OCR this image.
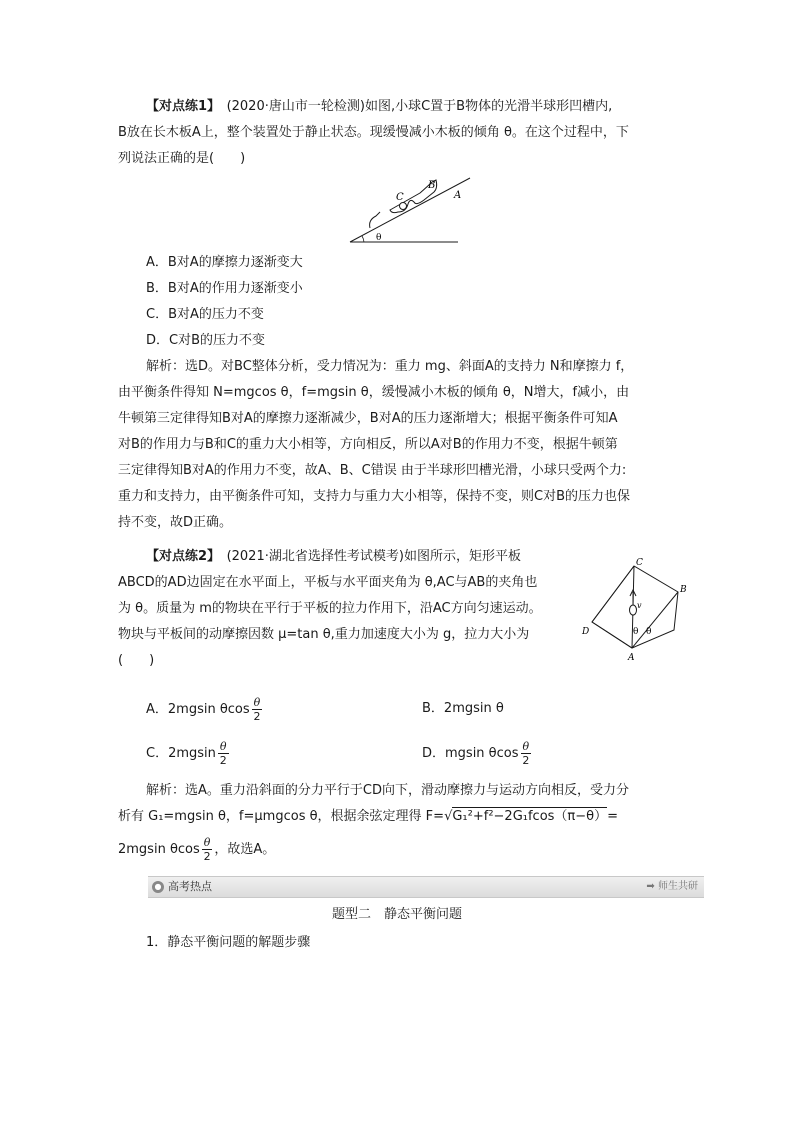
【对点练1】　 (2020·唐山市一轮检测)如图,小球C置于B物体的光滑半球形凹槽内,
B放在长木板A上，整个装置处于静止状态。现缓慢减小木板的倾角 θ。在这个过程中，下
列说法正确的是(　　)
C
B
A
θ
A．B对A的摩擦力逐渐变大
B．B对A的作用力逐渐变小
C．B对A的压力不变
D．C对B的压力不变
解析：选D。对BC整体分析，受力情况为：重力 mg、斜面A的支持力 N和摩擦力 f，
由平衡条件得知 N=mgcos θ，f=mgsin θ，缓慢减小木板的倾角 θ，N增大，f减小，由
牛顿第三定律得知B对A的摩擦力逐渐减少，B对A的压力逐渐增大；根据平衡条件可知A
对B的作用力与B和C的重力大小相等，方向相反，所以A对B的作用力不变，根据牛顿第
三定律得知B对A的作用力不变，故A、B、C错误 由于半球形凹槽光滑，小球只受两个力:
重力和支持力，由平衡条件可知，支持力与重力大小相等，保持不变，则C对B的压力也保
持不变，故D正确。
【对点练2】　 (2021·湖北省选择性考试模考)如图所示，矩形平板
ABCD的AD边固定在水平面上，平板与水平面夹角为 θ,AC与AB的夹角也
为 θ。质量为 m的物块在平行于平板的拉力作用下，沿AC方向匀速运动。
物块与平板间的动摩擦因数 μ=tan θ,重力加速度大小为 g，拉力大小为
(　　)
C
B
D
A
v
θ θ
A．2mgsin θcos $\frac{\theta}{2}$	B．2mgsin θ
C．$2mgsin \frac{\theta}{2}$	D．mgsin θcos $\frac{\theta}{2}$
解析：选A。重力沿斜面的分力平行于CD向下，滑动摩擦力与运动方向相反，受力分
析有 G₁=mgsin θ，f=μmgcos θ，根据余弦定理得 F=√G₁²+f²−2G₁fcos（π−θ）=
2mgsin θcos $\frac{\theta}{2}$ ，故选A。
● 高考热点	➡ 师生共研
题型二　静态平衡问题
1．静态平衡问题的解题步骤
